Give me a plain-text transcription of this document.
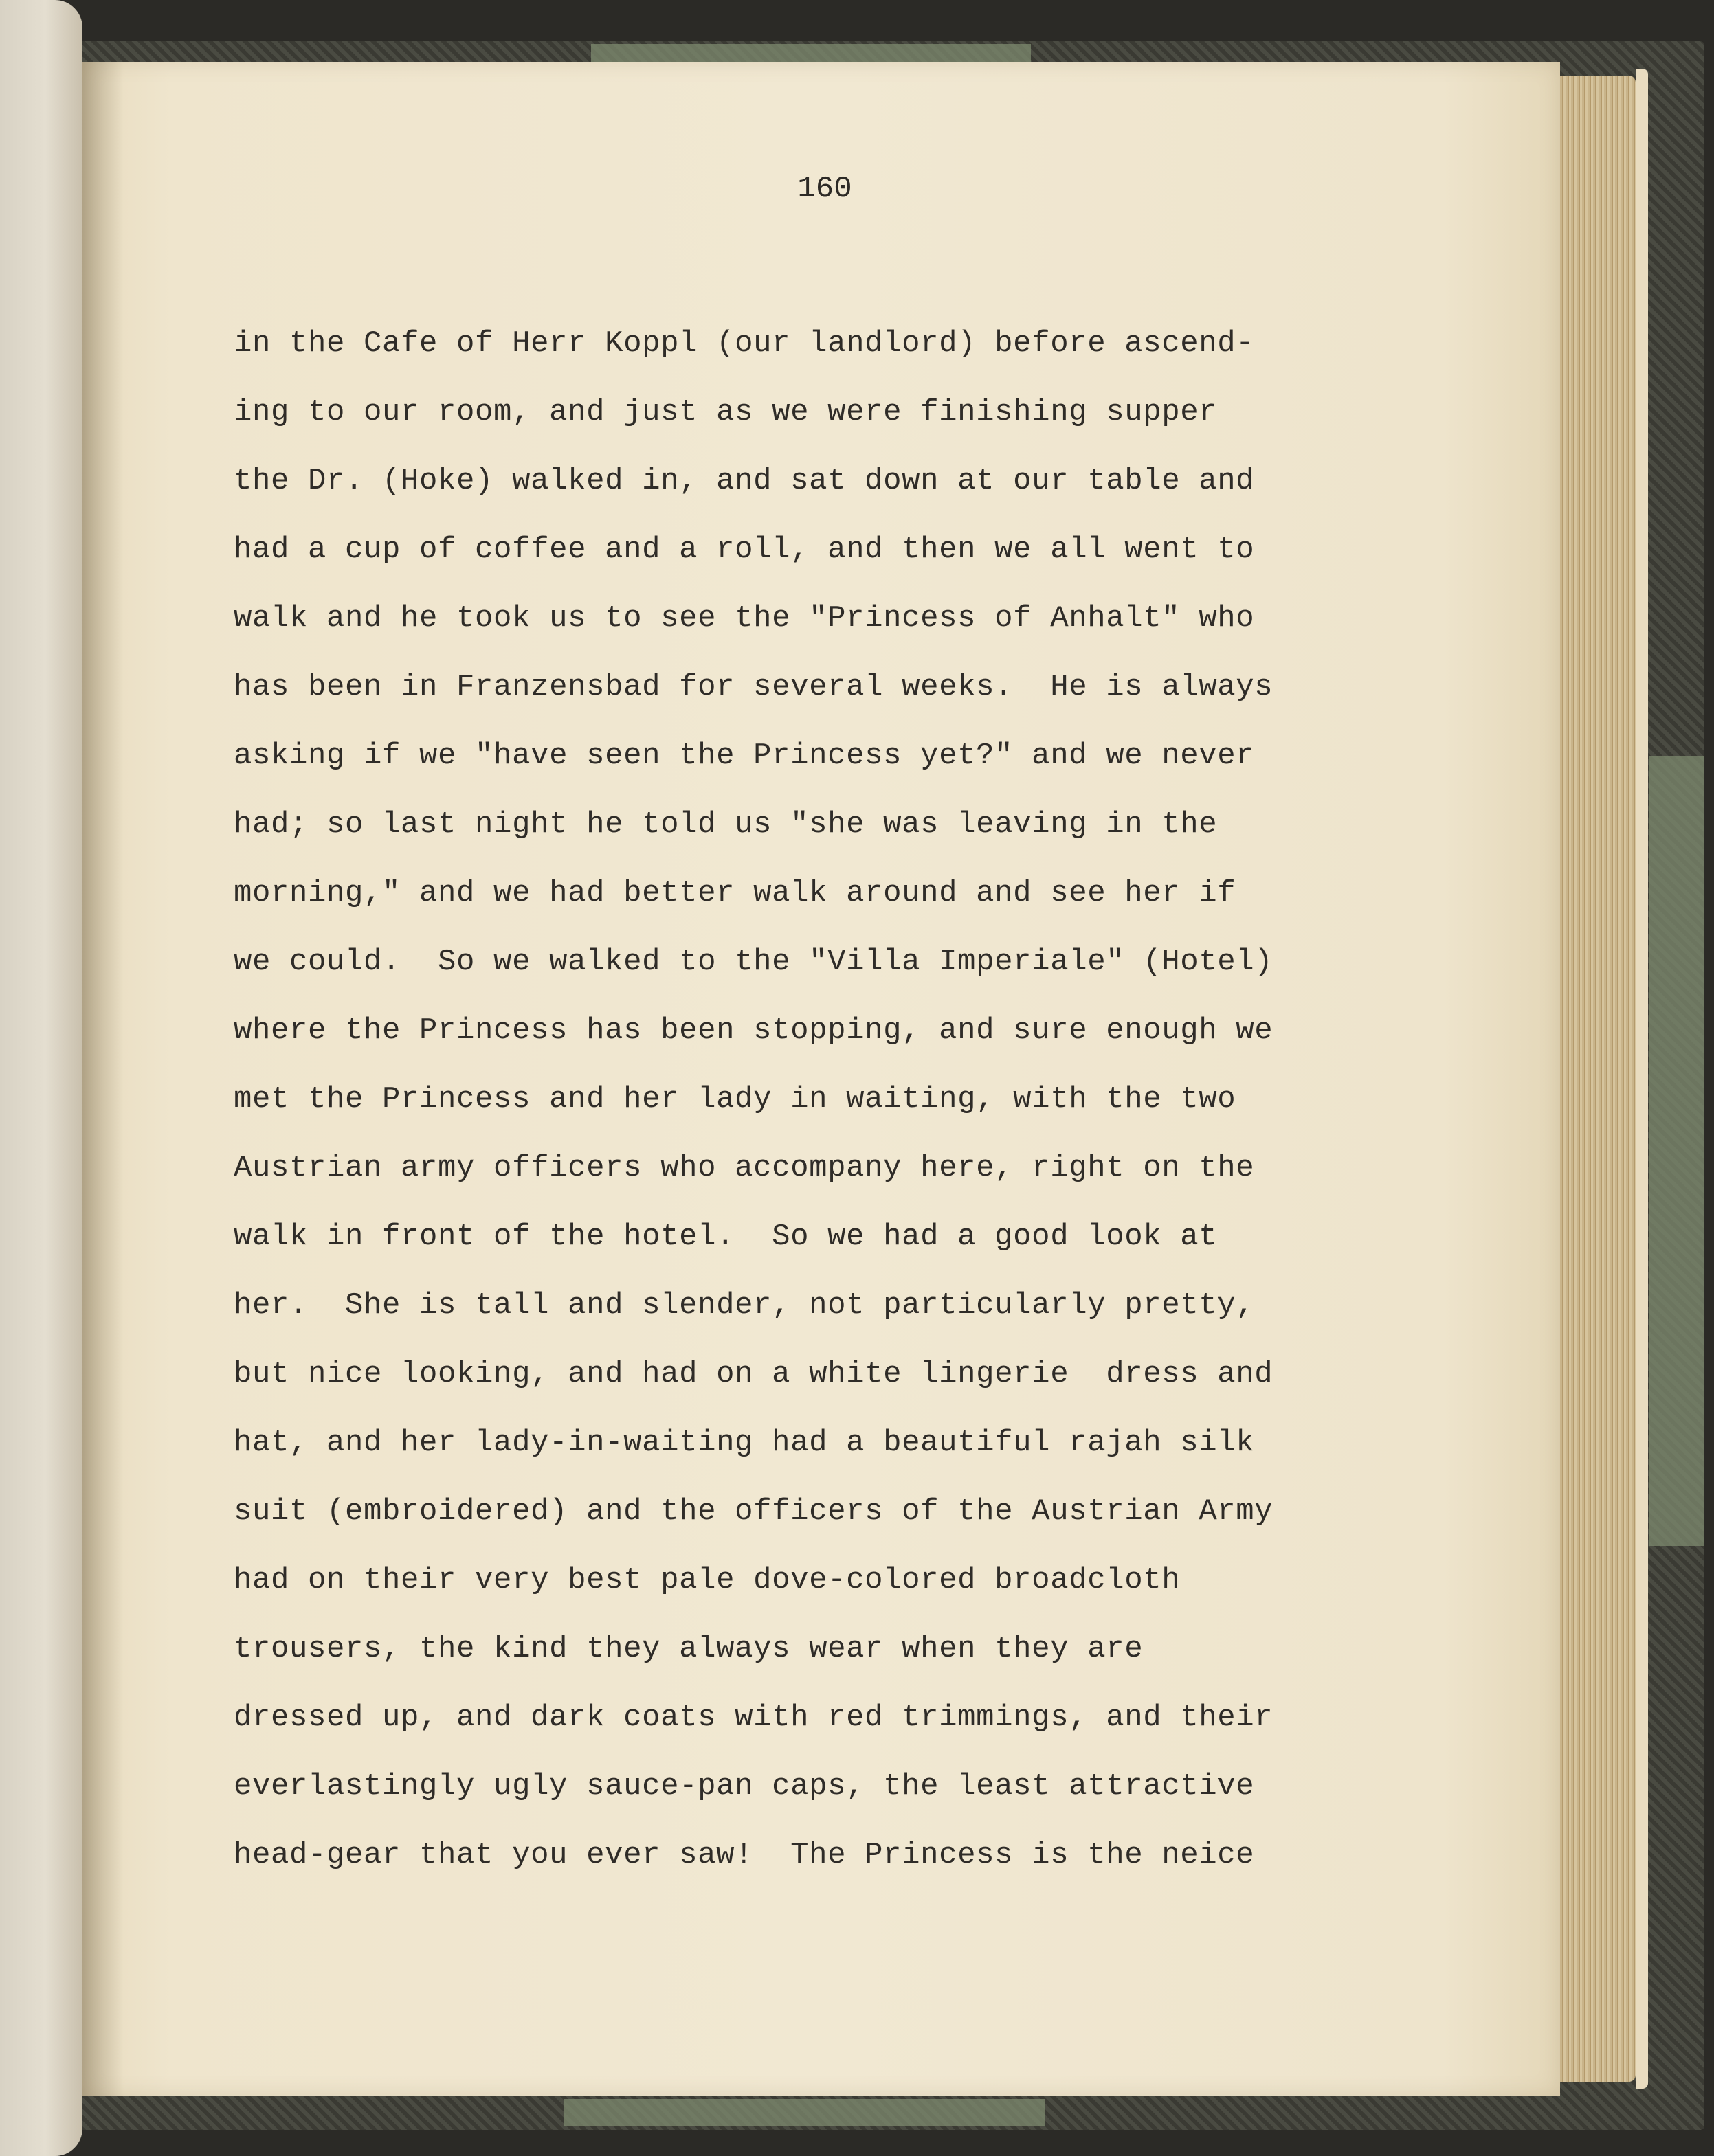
160
in the Cafe of Herr Koppl (our landlord) before ascend-
ing to our room, and just as we were finishing supper
the Dr. (Hoke) walked in, and sat down at our table and
had a cup of coffee and a roll, and then we all went to
walk and he took us to see the "Princess of Anhalt" who
has been in Franzensbad for several weeks.  He is always
asking if we "have seen the Princess yet?" and we never
had; so last night he told us "she was leaving in the
morning," and we had better walk around and see her if
we could.  So we walked to the "Villa Imperiale" (Hotel)
where the Princess has been stopping, and sure enough we
met the Princess and her lady in waiting, with the two
Austrian army officers who accompany here, right on the
walk in front of the hotel.  So we had a good look at
her.  She is tall and slender, not particularly pretty,
but nice looking, and had on a white lingerie  dress and
hat, and her lady-in-waiting had a beautiful rajah silk
suit (embroidered) and the officers of the Austrian Army
had on their very best pale dove-colored broadcloth
trousers, the kind they always wear when they are
dressed up, and dark coats with red trimmings, and their
everlastingly ugly sauce-pan caps, the least attractive
head-gear that you ever saw!  The Princess is the neice
